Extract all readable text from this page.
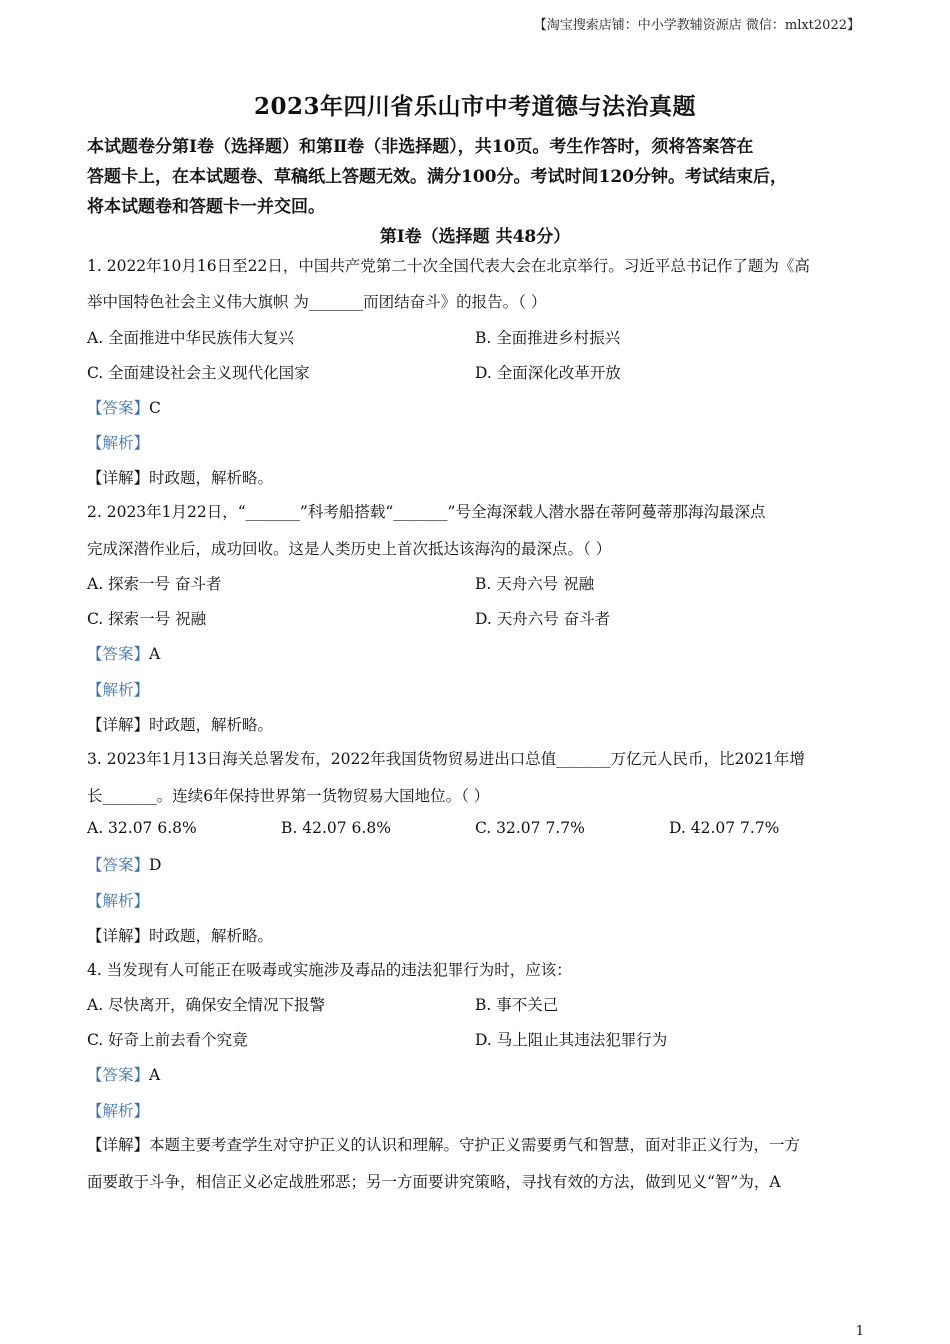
【淘宝搜索店铺：中小学教辅资源店 微信：mlxt2022】
2023年四川省乐山市中考道德与法治真题
本试题卷分第Ⅰ卷（选择题）和第Ⅱ卷（非选择题），共10页。考生作答时，须将答案答在
答题卡上，在本试题卷、草稿纸上答题无效。满分100分。考试时间120分钟。考试结束后，
将本试题卷和答题卡一并交回。
第Ⅰ卷（选择题 共48分）
1. 2022年10月16日至22日，中国共产党第二十次全国代表大会在北京举行。习近平总书记作了题为《高
举中国特色社会主义伟大旗帜 为_______而团结奋斗》的报告。（ ）
A. 全面推进中华民族伟大复兴	B. 全面推进乡村振兴
C. 全面建设社会主义现代化国家	D. 全面深化改革开放
【答案】C
【解析】
【详解】时政题，解析略。
2. 2023年1月22日，“_______”科考船搭载“_______”号全海深载人潜水器在蒂阿蔓蒂那海沟最深点
完成深潜作业后，成功回收。这是人类历史上首次抵达该海沟的最深点。（ ）
A. 探索一号 奋斗者	B. 天舟六号 祝融
C. 探索一号 祝融	D. 天舟六号 奋斗者
【答案】A
【解析】
【详解】时政题，解析略。
3. 2023年1月13日海关总署发布，2022年我国货物贸易进出口总值_______万亿元人民币，比2021年增
长_______。连续6年保持世界第一货物贸易大国地位。（ ）
A. 32.07 6.8%	B. 42.07 6.8%	C. 32.07 7.7%	D. 42.07 7.7%
【答案】D
【解析】
【详解】时政题，解析略。
4. 当发现有人可能正在吸毒或实施涉及毒品的违法犯罪行为时，应该：
A. 尽快离开，确保安全情况下报警	B. 事不关己
C. 好奇上前去看个究竟	D. 马上阻止其违法犯罪行为
【答案】A
【解析】
【详解】本题主要考查学生对守护正义的认识和理解。守护正义需要勇气和智慧，面对非正义行为，一方
面要敢于斗争，相信正义必定战胜邪恶；另一方面要讲究策略，寻找有效的方法，做到见义“智”为，A
1
